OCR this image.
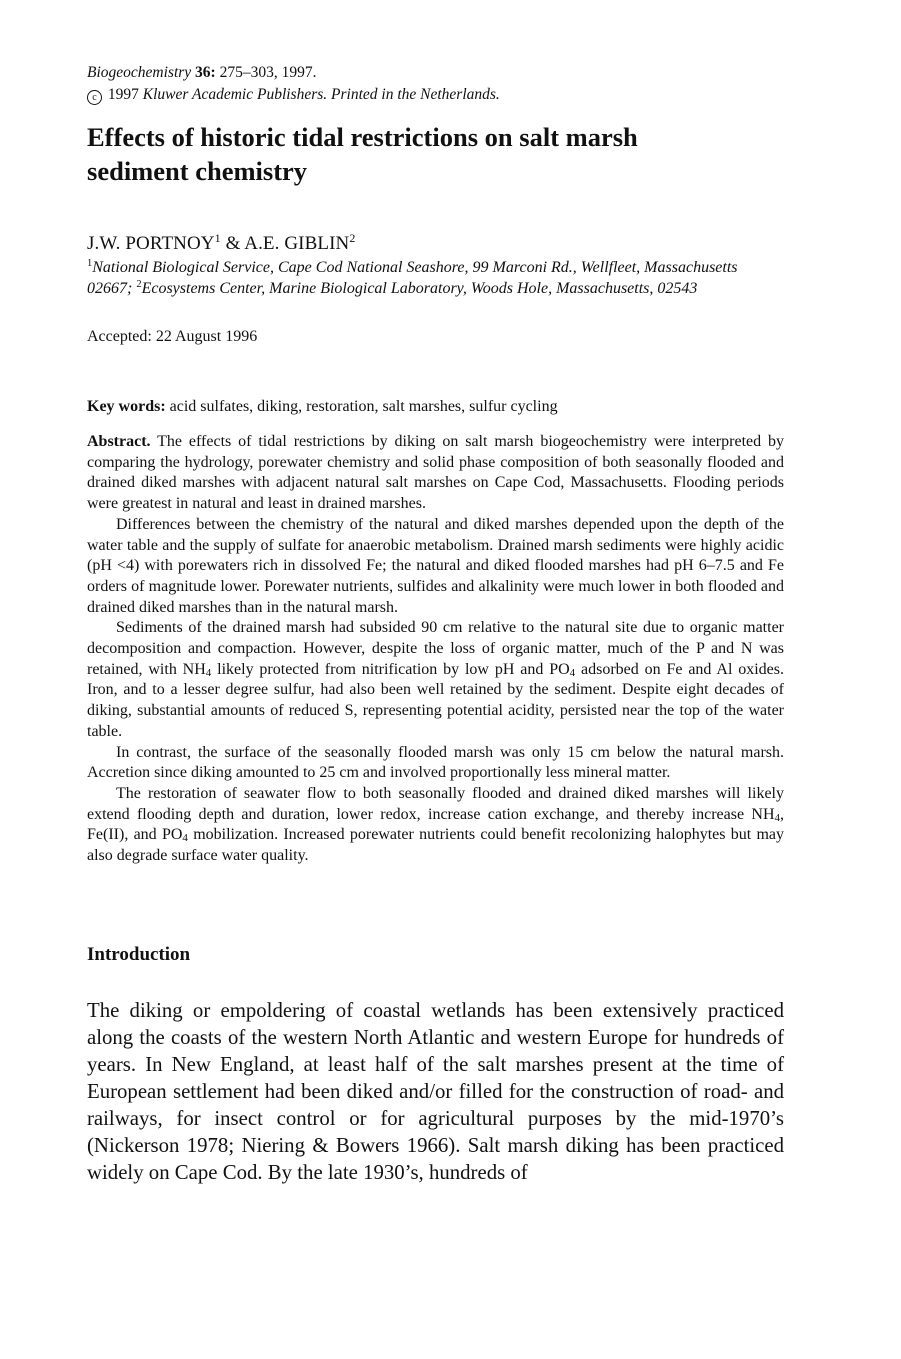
Biogeochemistry 36: 275–303, 1997.
c 1997 Kluwer Academic Publishers. Printed in the Netherlands.
Effects of historic tidal restrictions on salt marsh
sediment chemistry
J.W. PORTNOY$^1$ & A.E. GIBLIN$^2$
$^1$National Biological Service, Cape Cod National Seashore, 99 Marconi Rd., Wellfleet, Massachusetts 02667; $^2$Ecosystems Center, Marine Biological Laboratory, Woods Hole, Massachusetts, 02543
Accepted: 22 August 1996
Key words: acid sulfates, diking, restoration, salt marshes, sulfur cycling

Abstract. The effects of tidal restrictions by diking on salt marsh biogeochemistry were interpreted by comparing the hydrology, porewater chemistry and solid phase composition of both seasonally flooded and drained diked marshes with adjacent natural salt marshes on Cape Cod, Massachusetts. Flooding periods were greatest in natural and least in drained marshes.

Differences between the chemistry of the natural and diked marshes depended upon the depth of the water table and the supply of sulfate for anaerobic metabolism. Drained marsh sediments were highly acidic (pH <4) with porewaters rich in dissolved Fe; the natural and diked flooded marshes had pH 6–7.5 and Fe orders of magnitude lower. Porewater nutrients, sulfides and alkalinity were much lower in both flooded and drained diked marshes than in the natural marsh.

Sediments of the drained marsh had subsided 90 cm relative to the natural site due to organic matter decomposition and compaction. However, despite the loss of organic matter, much of the P and N was retained, with $NH_4$ likely protected from nitrification by low pH and $PO_4$ adsorbed on Fe and Al oxides. Iron, and to a lesser degree sulfur, had also been well retained by the sediment. Despite eight decades of diking, substantial amounts of reduced S, representing potential acidity, persisted near the top of the water table.

In contrast, the surface of the seasonally flooded marsh was only 15 cm below the natural marsh. Accretion since diking amounted to 25 cm and involved proportionally less mineral matter.

The restoration of seawater flow to both seasonally flooded and drained diked marshes will likely extend flooding depth and duration, lower redox, increase cation exchange, and thereby increase $NH_4$, Fe(II), and $PO_4$ mobilization. Increased porewater nutrients could benefit recolonizing halophytes but may also degrade surface water quality.

Introduction

The diking or empoldering of coastal wetlands has been extensively practiced along the coasts of the western North Atlantic and western Europe for hundreds of years. In New England, at least half of the salt marshes present at the time of European settlement had been diked and/or filled for the construction of road- and railways, for insect control or for agricultural purposes by the mid-1970’s (Nickerson 1978; Niering & Bowers 1966). Salt marsh diking has been practiced widely on Cape Cod. By the late 1930’s, hundreds of
